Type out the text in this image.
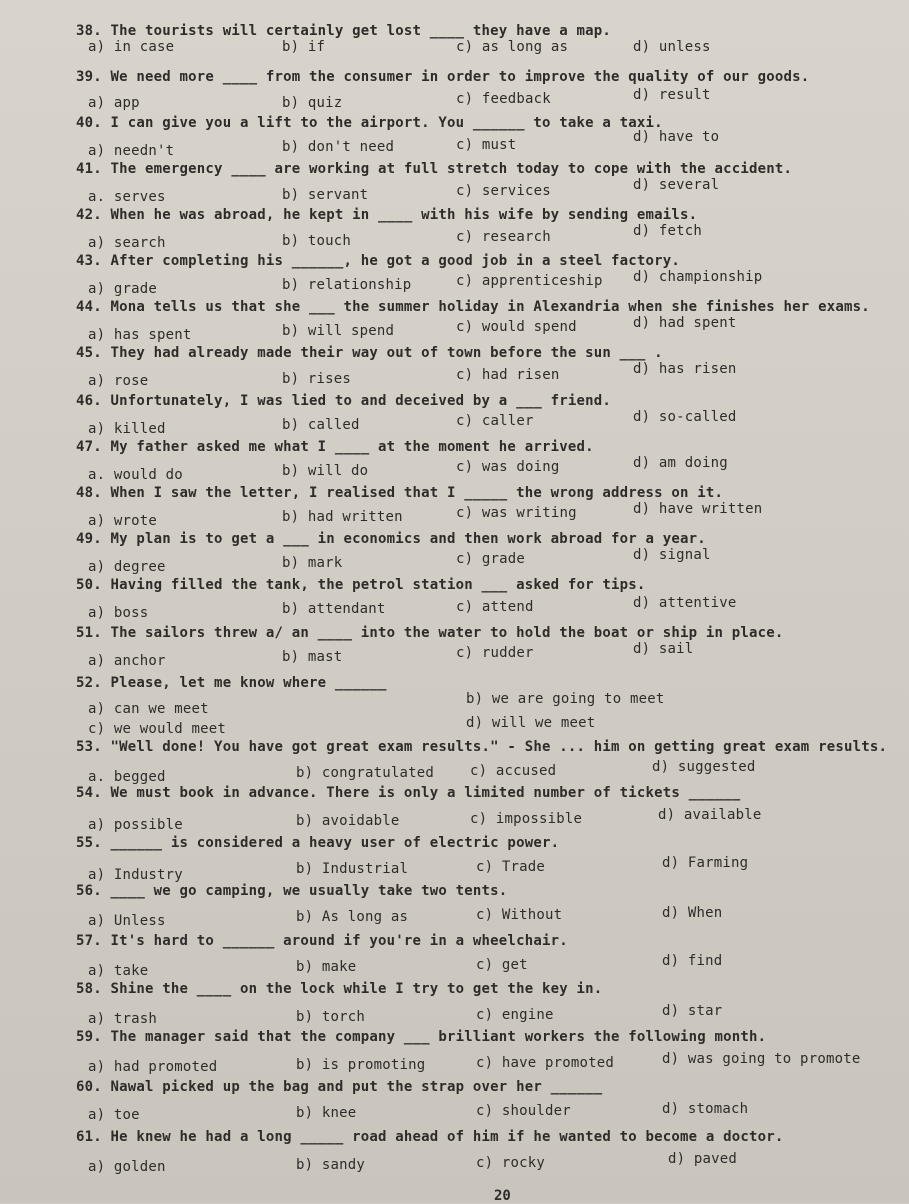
38. The tourists will certainly get lost ____ they have a map.
a) in case	b) if	c) as long as	d) unless
39. We need more ____ from the consumer in order to improve the quality of our goods.
a) app	b) quiz	c) feedback	d) result
40. I can give you a lift to the airport. You ______ to take a taxi.
a) needn't	b) don't need	c) must	d) have to
41. The emergency ____ are working at full stretch today to cope with the accident.
a. serves	b) servant	c) services	d) several
42. When he was abroad, he kept in ____ with his wife by sending emails.
a) search	b) touch	c) research	d) fetch
43. After completing his ______, he got a good job in a steel factory.
a) grade	b) relationship	c) apprenticeship d) championship
44. Mona tells us that she ___ the summer holiday in Alexandria when she finishes her exams.
a) has spent	b) will spend	c) would spend	d) had spent
45. They had already made their way out of town before the sun ___ .
a) rose	b) rises	c) had risen	d) has risen
46. Unfortunately, I was lied to and deceived by a ___ friend.
a) killed	b) called	c) caller	d) so-called
47. My father asked me what I ____ at the moment he arrived.
a. would do	b) will do	c) was doing	d) am doing
48. When I saw the letter, I realised that I _____ the wrong address on it.
a) wrote	b) had written	c) was writing	d) have written
49. My plan is to get a ___ in economics and then work abroad for a year.
a) degree	b) mark	c) grade	d) signal
50. Having filled the tank, the petrol station ___ asked for tips.
a) boss	b) attendant	c) attend	d) attentive
51. The sailors threw a/ an ____ into the water to hold the boat or ship in place.
a) anchor	b) mast	c) rudder	d) sail
52. Please, let me know where ______
a) can we meet
b) we are going to meet
c) we would meet	d) will we meet
53. "Well done! You have got great exam results." - She ... him on getting great exam results.
a. begged	b) congratulated	c) accused	d) suggested
54. We must book in advance. There is only a limited number of tickets ______
a) possible	b) avoidable	c) impossible	d) available
55. ______ is considered a heavy user of electric power.
a) Industry	b) Industrial	c) Trade	d) Farming
56. ____ we go camping, we usually take two tents.
a) Unless	b) As long as	c) Without	d) When
57. It's hard to ______ around if you're in a wheelchair.
a) take	b) make	c) get	d) find
58. Shine the ____ on the lock while I try to get the key in.
a) trash	b) torch	c) engine	d) star
59. The manager said that the company ___ brilliant workers the following month.
a) had promoted	b) is promoting	c) have promoted	d) was going to promote
60. Nawal picked up the bag and put the strap over her ______
a) toe	b) knee	c) shoulder	d) stomach
61. He knew he had a long _____ road ahead of him if he wanted to become a doctor.
a) golden	b) sandy	c) rocky	d) paved
20
